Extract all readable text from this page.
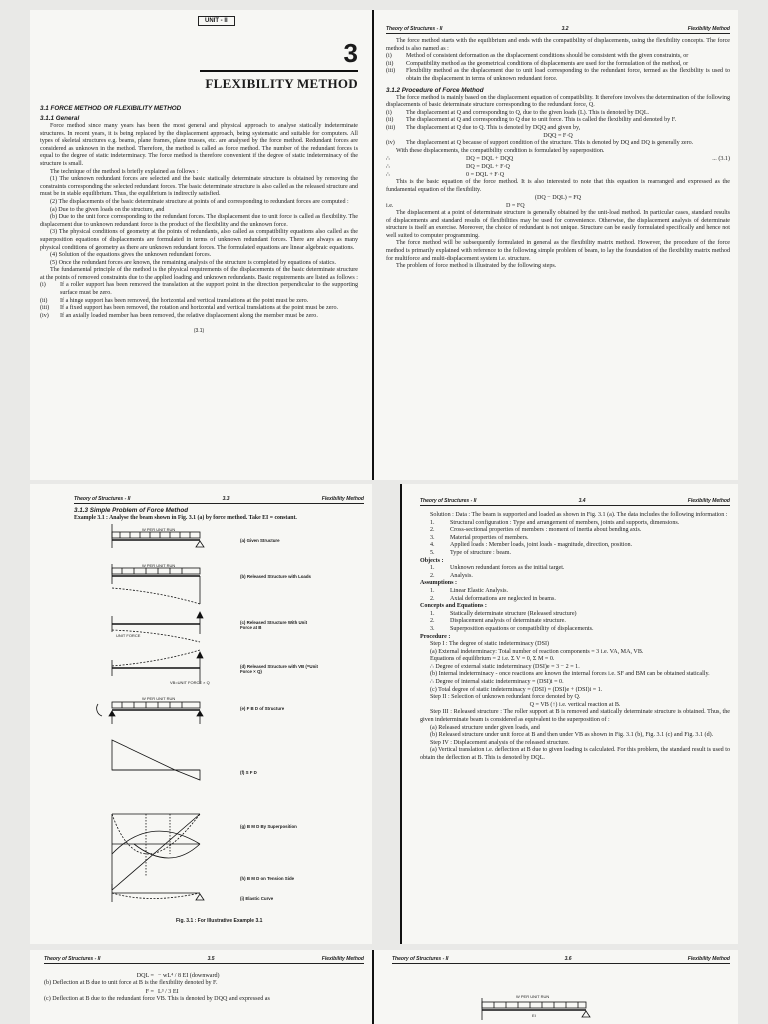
UNIT - II
3
FLEXIBILITY METHOD
3.1 FORCE METHOD OR FLEXIBILITY METHOD
3.1.1 General

Force method since many years has been the most general and physical approach to analyse statically indeterminate structures. In recent years, it is being replaced by the displacement approach, being systematic and suitable for computers. All types of skeletal structures e.g. beams, plane frames, plane trusses, etc. are analysed by the force method. Redundant forces are considered as unknown in the method. Therefore, the method is called as force method. The number of the redundant forces is equal to the degree of static indeterminacy. The force method is therefore convenient if the degree of static indeterminacy of the structure is small.

The technique of the method is briefly explained as follows :

(1) The unknown redundant forces are selected and the basic statically determinate structure is obtained by removing the constraints corresponding the selected redundant forces. The basic determinate structure is also called as the released structure and must be in stable equilibrium. Thus, the equilibrium is indirectly satisfied.

(2) The displacements of the basic determinate structure at points of and corresponding to redundant forces are computed :

(a) Due to the given loads on the structure, and

(b) Due to the unit force corresponding to the redundant forces. The displacement due to unit force is called as flexibility. The displacement due to unknown redundant force is the product of the flexibility and the unknown force.

(3) The physical conditions of geometry at the points of redundants, also called as compatibility equations also called as the superposition equations of displacements are formulated in terms of unknown redundant forces. There are always as many physical conditions of geometry as there are unknown redundant forces. The formulated equations are linear algebraic equations.

(4) Solution of the equations gives the unknown redundant forces.

(5) Once the redundant forces are known, the remaining analysis of the structure is completed by equations of statics.

The fundamental principle of the method is the physical requirements of the displacements of the basic determinate structure at the points of removed constraints due to the applied loading and unknown redundants. Basic requirements are listed as follows :

(i)	If a roller support has been removed the translation at the support point in the direction perpendicular to the supporting surface must be zero.
(ii)	If a hinge support has been removed, the horizontal and vertical translations at the point must be zero.
(iii)	If a fixed support has been removed, the rotation and horizontal and vertical translations at the point must be zero.
(iv)	If an axially loaded member has been removed, the relative displacement along the member must be zero.
(3.1)
Theory of Structures - II	3.2	Flexibility Method

The force method starts with the equilibrium and ends with the compatibility of displacements, using the flexibility concepts. The force method is also named as :

(i)	Method of consistent deformation as the displacement conditions should be consistent with the given constraints, or
(ii)	Compatibility method as the geometrical conditions of displacements are used for the formulation of the method, or
(iii)	Flexibility method as the displacement due to unit load corresponding to the redundant force, termed as the flexibility is used to obtain the displacement in terms of unknown redundant force.
3.1.2 Procedure of Force Method

The force method is mainly based on the displacement equation of compatibility. It therefore involves the determination of the following displacements of basic determinate structure corresponding to the redundant force, Q.

(i)	The displacement at Q and corresponding to Q, due to the given loads (L). This is denoted by DQL.
(ii)	The displacement at Q and corresponding to Q due to unit force. This is called the flexibility and denoted by F.
(iii)	The displacement at Q due to Q. This is denoted by DQQ and given by,
DQQ = F·Q
(iv)	The displacement at Q because of support condition of the structure. This is denoted by DQ and DQ is generally zero.

With these displacements, the compatibility condition is formulated by superposition.

∴	DQ = DQL + DQQ	... (3.1)
∴	DQ = DQL + F·Q
∴	0 = DQL + F·Q

This is the basic equation of the force method. It is also interested to note that this equation is rearranged and expressed as the fundamental equation of the flexibility.

(DQ − DQL) = FQ
i.e.	D = FQ

The displacement at a point of determinate structure is generally obtained by the unit-load method. In particular cases, standard results of displacements and standard results of flexibilities may be used for convenience. Otherwise, the displacement analysis of determinate structure is itself an exercise. Moreover, the choice of redundant is not unique. Structure can be easily formulated specifically and hence not well suited to computer programming.

The force method will be subsequently formulated in general as the flexibility matrix method. However, the procedure of the force method is primarily explained with reference to the following simple problem of beam, to lay the foundation of the flexibility matrix method for multiforce and multi-displacement system i.e. structure.

The problem of force method is illustrated by the following steps.

Theory of Structures - II	3.3	Flexibility Method
3.1.3 Simple Problem of Force Method
Example 3.1 : Analyse the beam shown in Fig. 3.1 (a) by force method. Take EI = constant.
W PER UNIT RUN
W PER UNIT RUN
UNIT FORCE
VB=UNIT FORCE × Q
W PER UNIT RUN
(a) Given Structure
(b) Released Structure with Loads
(c) Released Structure With Unit Force at B
(d) Released Structure with VB (=Unit Force × Q)
(e) F B D of Structure
(f) S F D
(g) B M D By Superposition
(h) B M D on Tension Side
(i) Elastic Curve
Fig. 3.1 : For Illustrative Example 3.1
Theory of Structures - II	3.4	Flexibility Method

Solution : Data : The beam is supported and loaded as shown in Fig. 3.1 (a). The data includes the following information :

1.	Structural configuration : Type and arrangement of members, joints and supports, dimensions.
2.	Cross-sectional properties of members : moment of inertia about bending axis.
3.	Material properties of members.
4.	Applied loads : Member loads, joint loads - magnitude, direction, position.
5.	Type of structure : beam.
Objects :
1.	Unknown redundant forces as the initial target.
2.	Analysis.
Assumptions :
1.	Linear Elastic Analysis.
2.	Axial deformations are neglected in beams.
Concepts and Equations :
1.	Statically determinate structure (Released structure)
2.	Displacement analysis of determinate structure.
3.	Superposition equations or compatibility of displacements.
Procedure :

Step I : The degree of static indeterminacy (DSI)

(a) External indeterminacy: Total number of reaction components = 3 i.e. VA, MA, VB.

Equations of equilibrium = 2 i.e. Σ V = 0, Σ M = 0.

∴ Degree of external static indeterminacy (DSI)e = 3 − 2 = 1.

(b) Internal indeterminacy - once reactions are known the internal forces i.e. SF and BM can be obtained statically.

∴ Degree of internal static indeterminacy = (DSI)i = 0.

(c) Total degree of static indeterminacy = (DSI) = (DSI)e + (DSI)i = 1.

Step II : Selection of unknown redundant force denoted by Q.

Q = VB (↑) i.e. vertical reaction at B.

Step III : Released structure : The roller support at B is removed and statically determinate structure is obtained. Thus, the given indeterminate beam is considered as equivalent to the superposition of :

(a) Released structure under given loads, and

(b) Released structure under unit force at B and then under VB as shown in Fig. 3.1 (b), Fig. 3.1 (c) and Fig. 3.1 (d).

Step IV : Displacement analysis of the released structure.

(a) Vertical translation i.e. deflection at B due to given loading is calculated. For this problem, the standard result is used to obtain the deflection at B. This is denoted by DQL.

Theory of Structures - II	3.5	Flexibility Method
DQL = − wL⁴ / 8 EI (downward)

(b) Deflection at B due to unit force at B is the flexibility denoted by F.

F = L³ / 3 EI

(c) Deflection at B due to the redundant force VB. This is denoted by DQQ and expressed as

Theory of Structures - II	3.6	Flexibility Method
W PER UNIT RUN
EI
